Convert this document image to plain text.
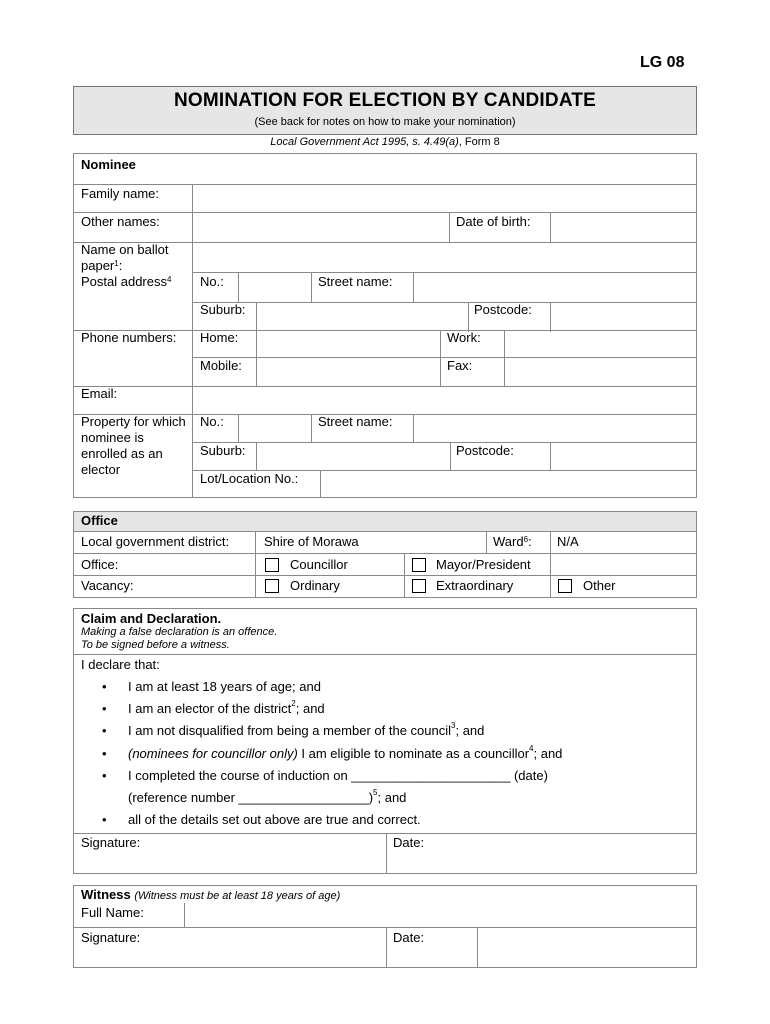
LG 08
NOMINATION FOR ELECTION BY CANDIDATE
(See back for notes on how to make your nomination)
Local Government Act 1995, s. 4.49(a), Form 8
Nominee
Family name:
Other names:	Date of birth:
Name on ballot paper$^1$:
Postal address$^4$ No.:	Street name:
Suburb:	Postcode:
Phone numbers: Home:	Work:
Mobile:	Fax:
Email:
Property for which nominee is enrolled as an elector
No.:	Street name:
Suburb:	Postcode:
Lot/Location No.:
Office
Local government district:	Shire of Morawa	Ward$^6$: N/A
Office:	Councillor	Mayor/President
Vacancy:	Ordinary	Extraordinary	Other
Claim and Declaration.
Making a false declaration is an offence.
To be signed before a witness.
I declare that:
• I am at least 18 years of age; and
• I am an elector of the district$^2$; and
• I am not disqualified from being a member of the council$^3$; and
• (nominees for councillor only) I am eligible to nominate as a councillor$^4$; and
• I completed the course of induction on ______________________ (date)
(reference number __________________)$^5$; and
• all of the details set out above are true and correct.
Signature:	Date:
Witness (Witness must be at least 18 years of age)
Full Name:
Signature:	Date:
